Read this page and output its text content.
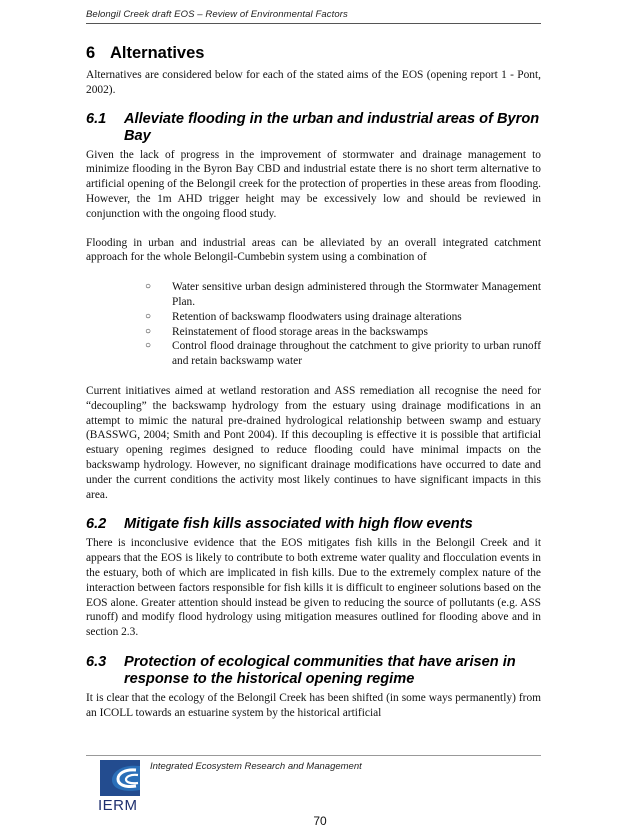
Belongil Creek draft EOS – Review of Environmental Factors
6 Alternatives

Alternatives are considered below for each of the stated aims of the EOS (opening report 1 - Pont, 2002).

6.1 Alleviate flooding in the urban and industrial areas of Byron Bay

Given the lack of progress in the improvement of stormwater and drainage management to minimize flooding in the Byron Bay CBD and industrial estate there is no short term alternative to artificial opening of the Belongil creek for the protection of properties in these areas from flooding. However, the 1m AHD trigger height may be excessively low and should be reviewed in conjunction with the ongoing flood study.

Flooding in urban and industrial areas can be alleviated by an overall integrated catchment approach for the whole Belongil-Cumbebin system using a combination of

○ Water sensitive urban design administered through the Stormwater Management Plan.
○ Retention of backswamp floodwaters using drainage alterations
○ Reinstatement of flood storage areas in the backswamps
○ Control flood drainage throughout the catchment to give priority to urban runoff and retain backswamp water

Current initiatives aimed at wetland restoration and ASS remediation all recognise the need for “decoupling” the backswamp hydrology from the estuary using drainage modifications in an attempt to mimic the natural pre-drained hydrological relationship between swamp and estuary (BASSWG, 2004; Smith and Pont 2004). If this decoupling is effective it is possible that artificial estuary opening regimes designed to reduce flooding could have minimal impacts on the backswamp hydrology. However, no significant drainage modifications have occurred to date and under the current conditions the activity most likely continues to have significant impacts in this area.

6.2 Mitigate fish kills associated with high flow events

There is inconclusive evidence that the EOS mitigates fish kills in the Belongil Creek and it appears that the EOS is likely to contribute to both extreme water quality and flocculation events in the estuary, both of which are implicated in fish kills. Due to the extremely complex nature of the interaction between factors responsible for fish kills it is difficult to engineer solutions based on the EOS alone. Greater attention should instead be given to reducing the source of pollutants (e.g. ASS runoff) and modify flood hydrology using mitigation measures outlined for flooding above and in section 2.3.

6.3 Protection of ecological communities that have arisen in response to the historical opening regime

It is clear that the ecology of the Belongil Creek has been shifted (in some ways permanently) from an ICOLL towards an estuarine system by the historical artificial

IERM
Integrated Ecosystem Research and Management
70
